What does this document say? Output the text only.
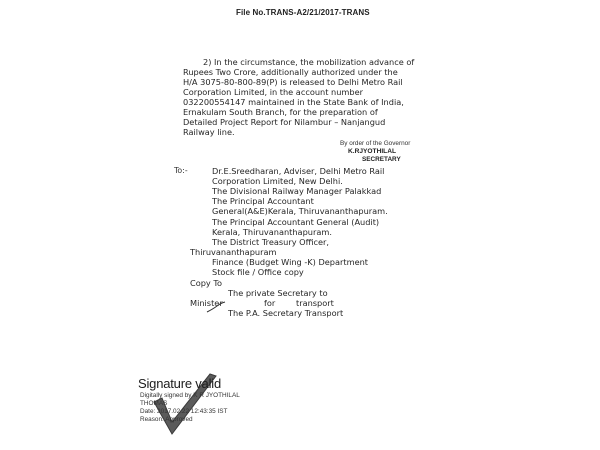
File No.TRANS-A2/21/2017-TRANS
2) In the circumstance, the mobilization advance of
Rupees Two Crore, additionally authorized under the
H/A 3075-80-800-89(P) is released to Delhi Metro Rail
Corporation Limited, in the account number
032200554147 maintained in the State Bank of India,
Ernakulam South Branch, for the preparation of
Detailed Project Report for Nilambur – Nanjangud
Railway line.
By order of the Governor
K.RJYOTHILAL
SECRETARY
To:-	Dr.E.Sreedharan, Adviser, Delhi Metro Rail
Corporation Limited, New Delhi.
The Divisional Railway Manager Palakkad
The Principal Accountant
General(A&E)Kerala, Thiruvananthapuram.
The Principal Accountant General (Audit)
Kerala, Thiruvananthapuram.
The District Treasury Officer,
Thiruvananthapuram
Finance (Budget Wing -K) Department
Stock file / Office copy
Copy To
The private Secretary to
Minister	for	transport
The P.A. Secretary Transport
Signature valid
Digitally signed by K R JYOTHILAL
THOMAS
Date: 2017.02.22 12:43:35 IST
Reason: Approved
